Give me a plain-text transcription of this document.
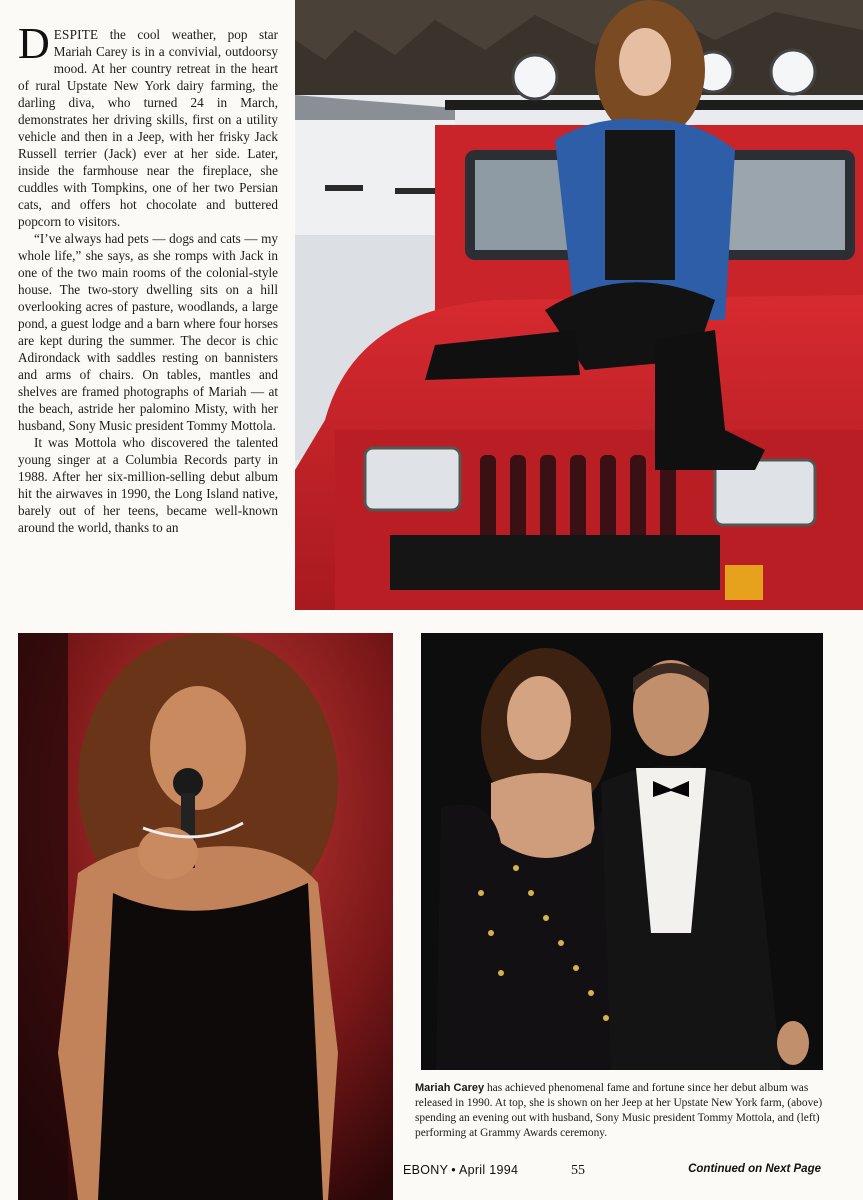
DESPITE the cool weather, pop star Mariah Carey is in a convivial, outdoorsy mood. At her country retreat in the heart of rural Upstate New York dairy farming, the darling diva, who turned 24 in March, demonstrates her driving skills, first on a utility vehicle and then in a Jeep, with her frisky Jack Russell terrier (Jack) ever at her side. Later, inside the farmhouse near the fireplace, she cuddles with Tompkins, one of her two Persian cats, and offers hot chocolate and buttered popcorn to visitors.

“I’ve always had pets — dogs and cats — my whole life,” she says, as she romps with Jack in one of the two main rooms of the colonial-style house. The two-story dwelling sits on a hill overlooking acres of pasture, woodlands, a large pond, a guest lodge and a barn where four horses are kept during the summer. The decor is chic Adirondack with saddles resting on bannisters and arms of chairs. On tables, mantles and shelves are framed photographs of Mariah — at the beach, astride her palomino Misty, with her husband, Sony Music president Tommy Mottola.

It was Mottola who discovered the talented young singer at a Columbia Records party in 1988. After her six-million-selling debut album hit the airwaves in 1990, the Long Island native, barely out of her teens, became well-known around the world, thanks to an

Mariah Carey has achieved phenomenal fame and fortune since her debut album was released in 1990. At top, she is shown on her Jeep at her Upstate New York farm, (above) spending an evening out with husband, Sony Music president Tommy Mottola, and (left) performing at Grammy Awards ceremony.
EBONY • April 1994	55	Continued on Next Page
